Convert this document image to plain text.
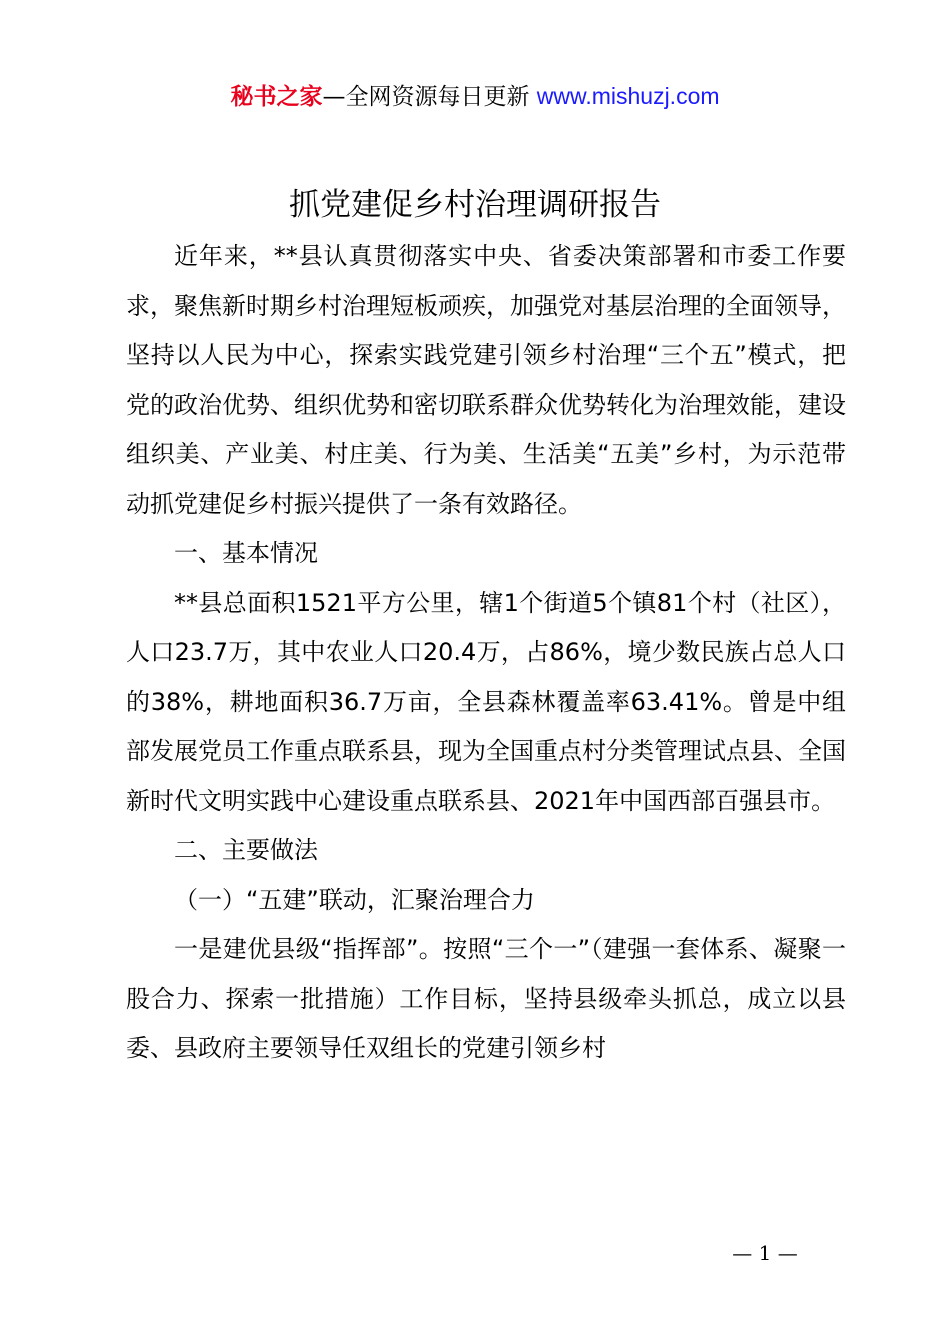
秘书之家—全网资源每日更新 www.mishuzj.com
抓党建促乡村治理调研报告

近年来，**县认真贯彻落实中央、省委决策部署和市委工作要求，聚焦新时期乡村治理短板顽疾，加强党对基层治理的全面领导，坚持以人民为中心，探索实践党建引领乡村治理“三个五”模式，把党的政治优势、组织优势和密切联系群众优势转化为治理效能，建设组织美、产业美、村庄美、行为美、生活美“五美”乡村，为示范带动抓党建促乡村振兴提供了一条有效路径。

一、基本情况

**县总面积1521平方公里，辖1个街道5个镇81个村（社区），人口23.7万，其中农业人口20.4万，占86%，境少数民族占总人口的38%，耕地面积36.7万亩，全县森林覆盖率63.41%。曾是中组部发展党员工作重点联系县，现为全国重点村分类管理试点县、全国新时代文明实践中心建设重点联系县、2021年中国西部百强县市。

二、主要做法

（一）“五建”联动，汇聚治理合力

一是建优县级“指挥部”。按照“三个一”（建强一套体系、凝聚一股合力、探索一批措施）工作目标，坚持县级牵头抓总，成立以县委、县政府主要领导任双组长的党建引领乡村

— 1 —
